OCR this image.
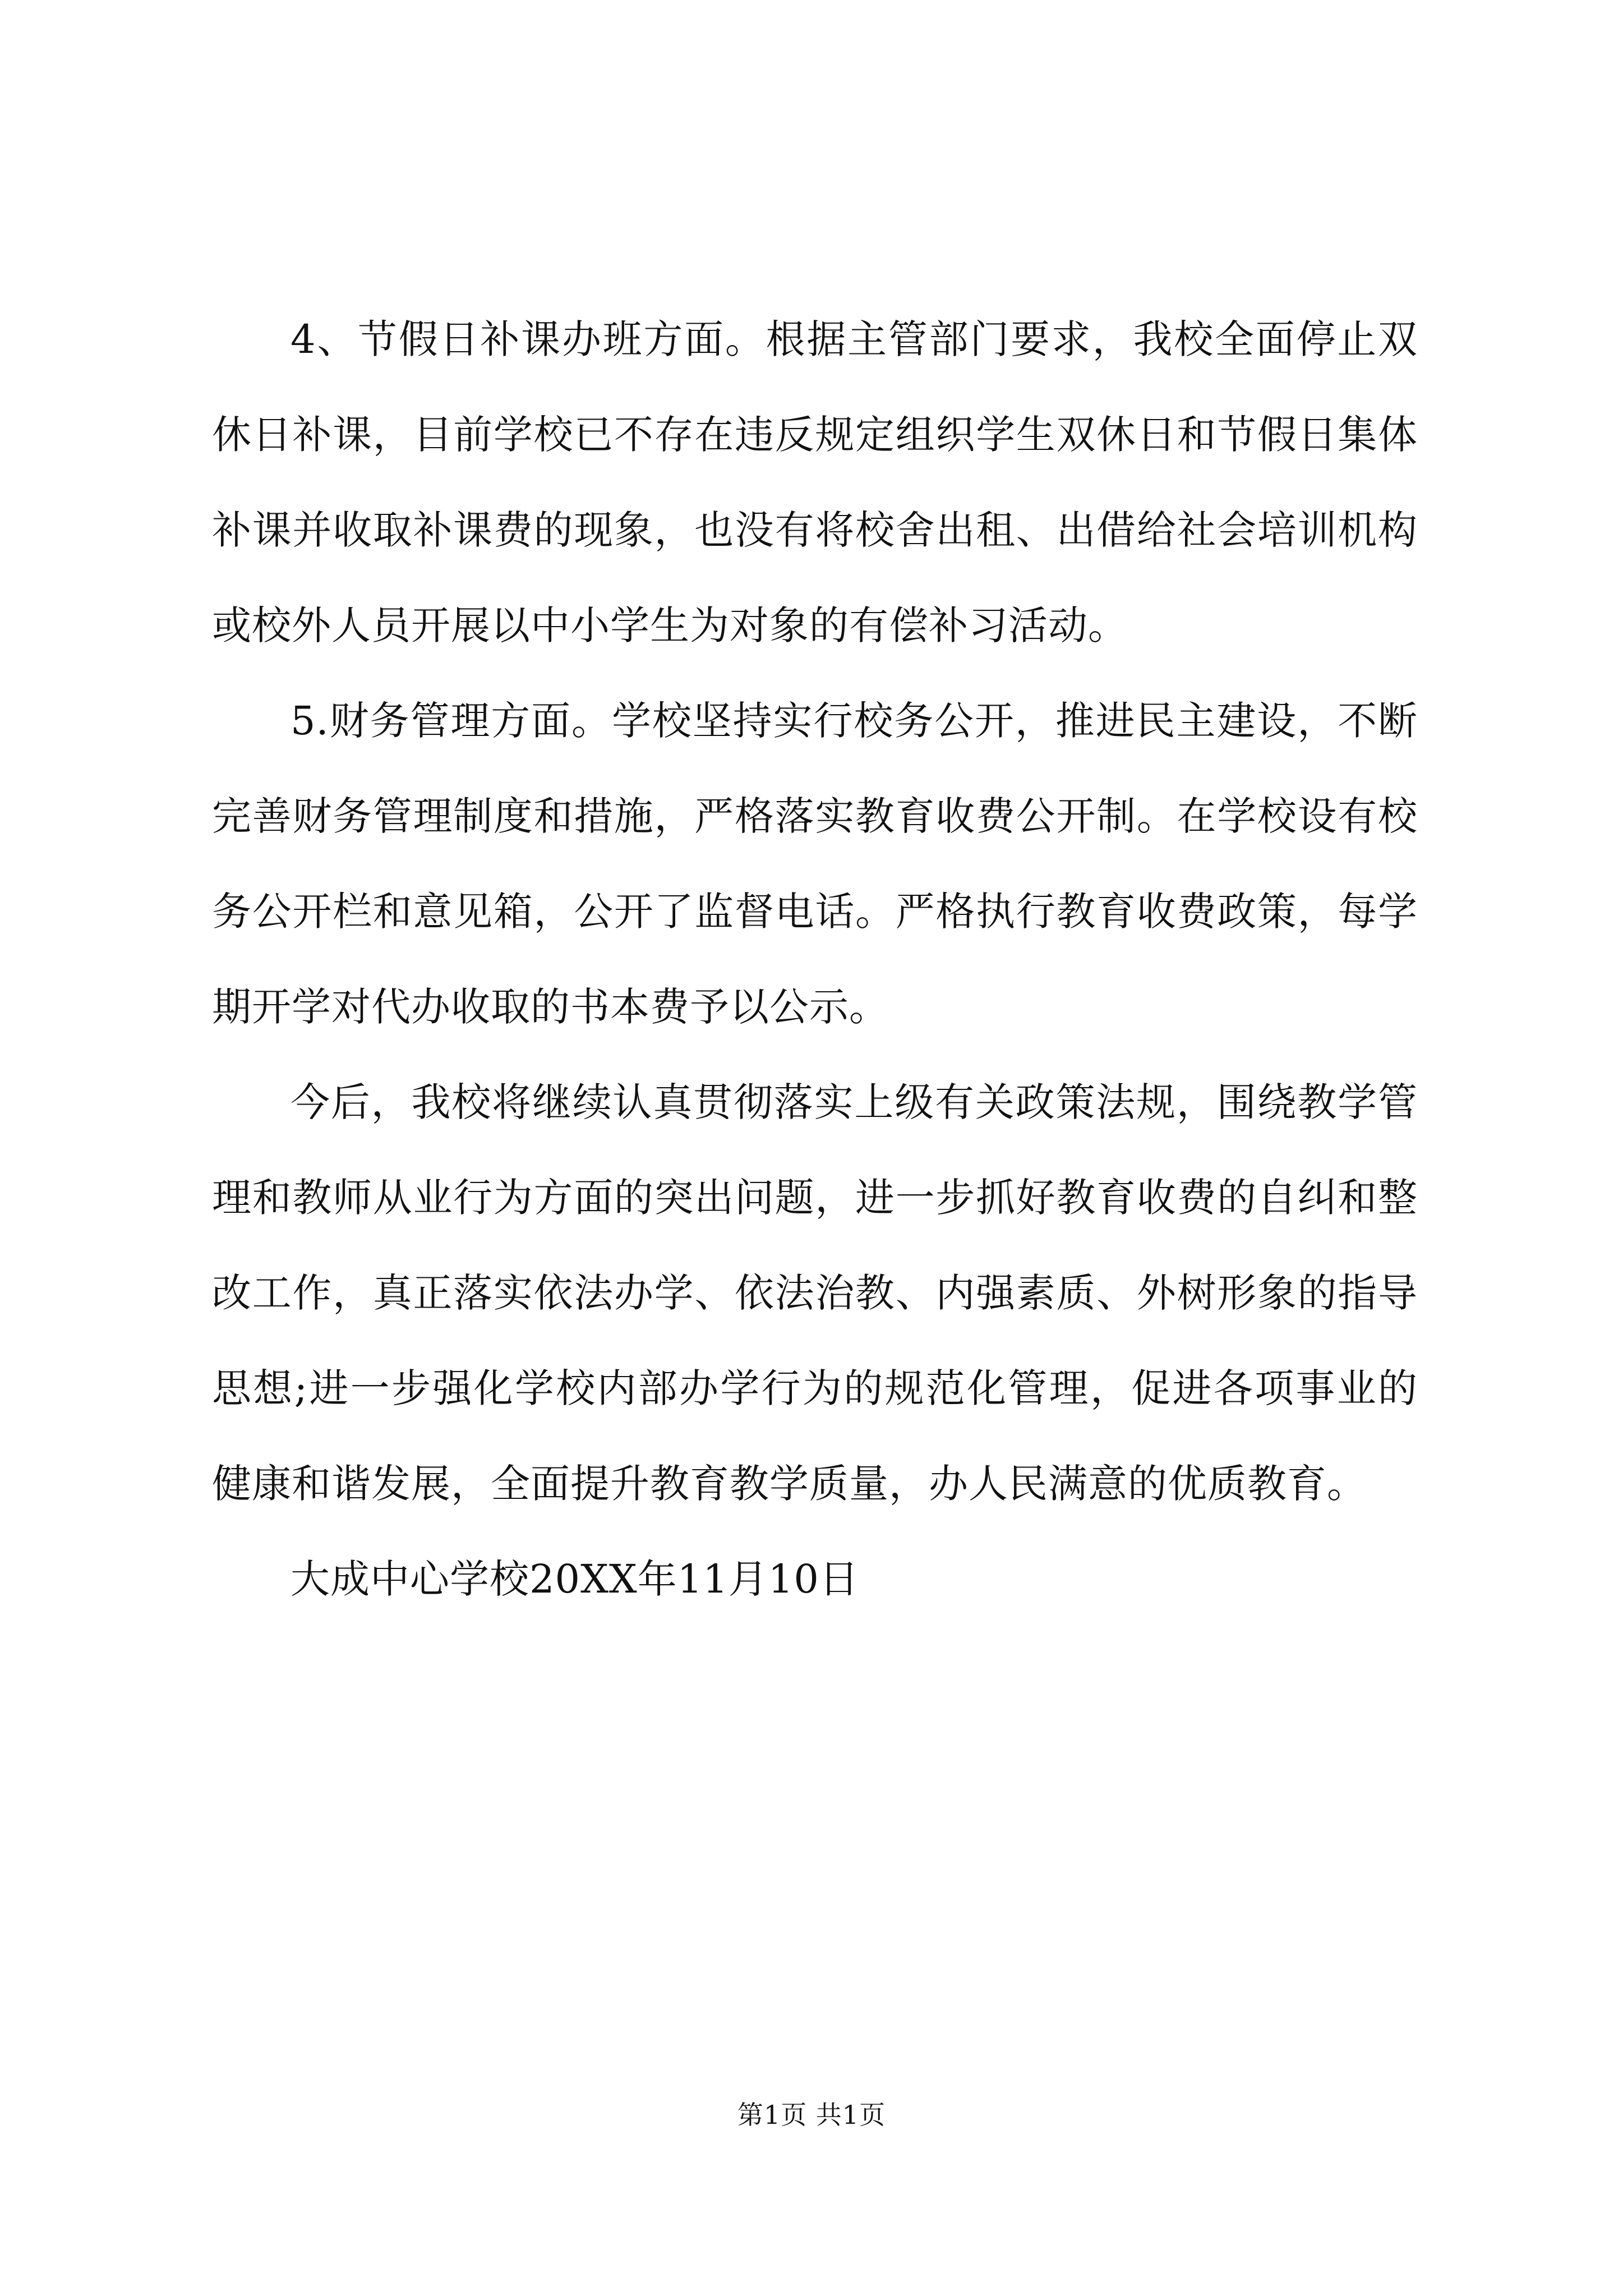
4、节假日补课办班方面。根据主管部门要求，我校全面停止双休日补课，目前学校已不存在违反规定组织学生双休日和节假日集体补课并收取补课费的现象，也没有将校舍出租、出借给社会培训机构或校外人员开展以中小学生为对象的有偿补习活动。

5.财务管理方面。学校坚持实行校务公开，推进民主建设，不断完善财务管理制度和措施，严格落实教育收费公开制。在学校设有校务公开栏和意见箱，公开了监督电话。严格执行教育收费政策，每学期开学对代办收取的书本费予以公示。

今后，我校将继续认真贯彻落实上级有关政策法规，围绕教学管理和教师从业行为方面的突出问题，进一步抓好教育收费的自纠和整改工作，真正落实依法办学、依法治教、内强素质、外树形象的指导思想;进一步强化学校内部办学行为的规范化管理，促进各项事业的健康和谐发展，全面提升教育教学质量，办人民满意的优质教育。

大成中心学校20XX年11月10日

第1页 共1页
